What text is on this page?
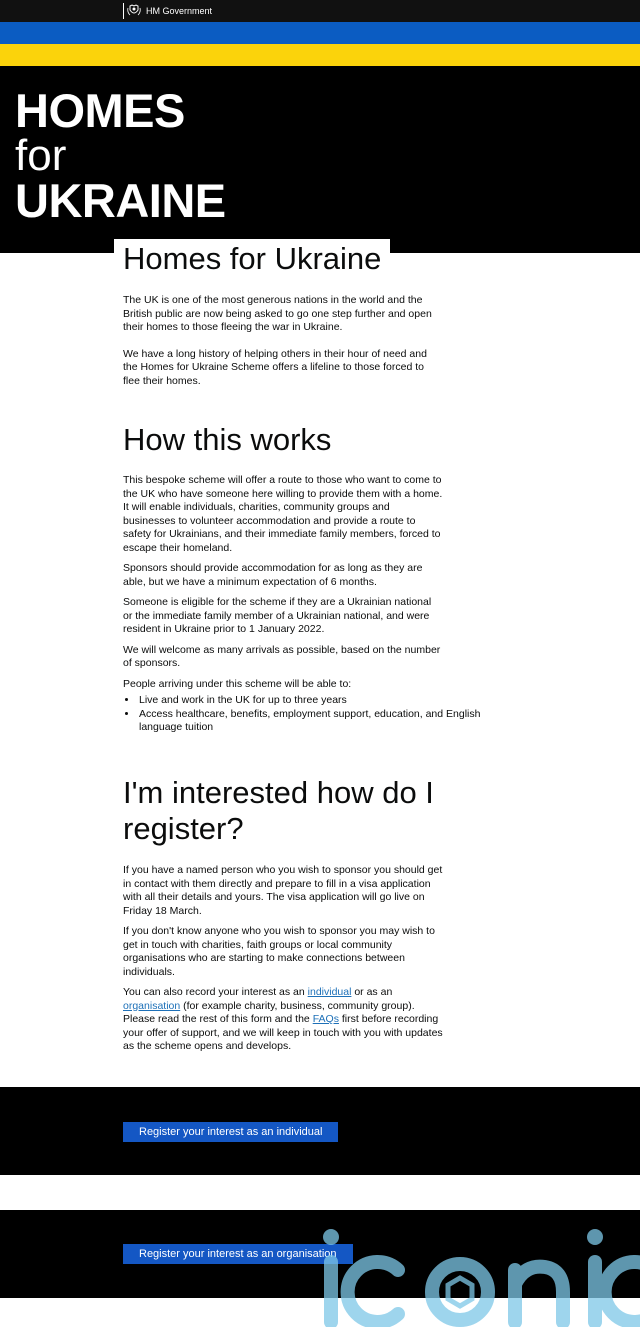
HM Government
HOMES
for
UKRAINE
Homes for Ukraine

The UK is one of the most generous nations in the world and the British public are now being asked to go one step further and open their homes to those fleeing the war in Ukraine.

We have a long history of helping others in their hour of need and the Homes for Ukraine Scheme offers a lifeline to those forced to flee their homes.

How this works

This bespoke scheme will offer a route to those who want to come to the UK who have someone here willing to provide them with a home. It will enable individuals, charities, community groups and businesses to volunteer accommodation and provide a route to safety for Ukrainians, and their immediate family members, forced to escape their homeland.

Sponsors should provide accommodation for as long as they are able, but we have a minimum expectation of 6 months.

Someone is eligible for the scheme if they are a Ukrainian national or the immediate family member of a Ukrainian national, and were resident in Ukraine prior to 1 January 2022.

We will welcome as many arrivals as possible, based on the number of sponsors.

People arriving under this scheme will be able to:

• Live and work in the UK for up to three years
• Access healthcare, benefits, employment support, education, and English language tuition
I'm interested how do I register?

If you have a named person who you wish to sponsor you should get in contact with them directly and prepare to fill in a visa application with all their details and yours. The visa application will go live on Friday 18 March.

If you don't know anyone who you wish to sponsor you may wish to get in touch with charities, faith groups or local community organisations who are starting to make connections between individuals.

You can also record your interest as an individual or as an organisation (for example charity, business, community group). Please read the rest of this form and the FAQs first before recording your offer of support, and we will keep in touch with you with updates as the scheme opens and develops.

Register your interest as an individual
Register your interest as an organisation
